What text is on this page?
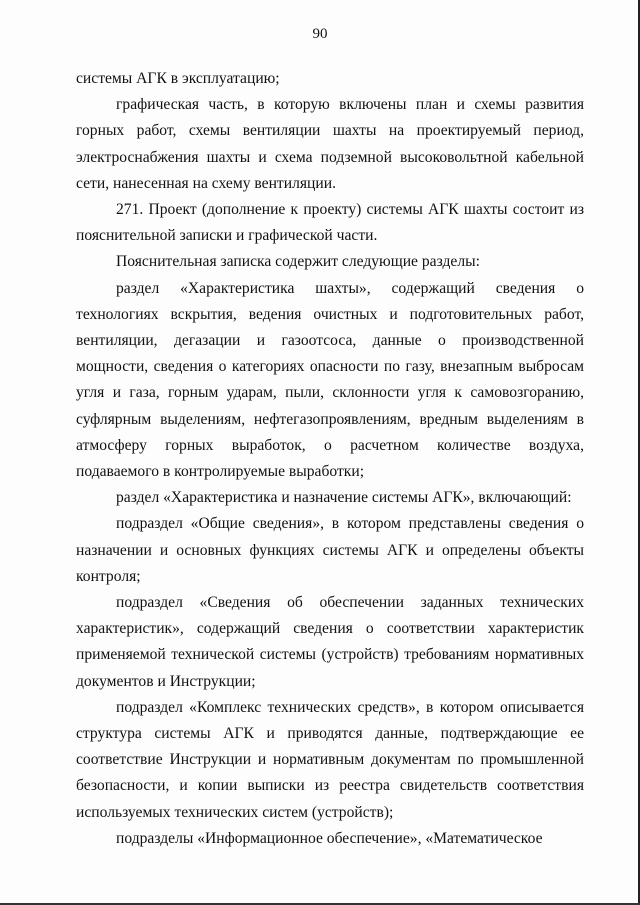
90

системы АГК в эксплуатацию;

графическая часть, в которую включены план и схемы развития горных работ, схемы вентиляции шахты на проектируемый период, электроснабжения шахты и схема подземной высоковольтной кабельной сети, нанесенная на схему вентиляции.

271. Проект (дополнение к проекту) системы АГК шахты состоит из пояснительной записки и графической части.

Пояснительная записка содержит следующие разделы:

раздел «Характеристика шахты», содержащий сведения о технологиях вскрытия, ведения очистных и подготовительных работ, вентиляции, дегазации и газоотсоса, данные о производственной мощности, сведения о категориях опасности по газу, внезапным выбросам угля и газа, горным ударам, пыли, склонности угля к самовозгоранию, суфлярным выделениям, нефтегазопроявлениям, вредным выделениям в атмосферу горных выработок, о расчетном количестве воздуха, подаваемого в контролируемые выработки;

раздел «Характеристика и назначение системы АГК», включающий:

подраздел «Общие сведения», в котором представлены сведения о назначении и основных функциях системы АГК и определены объекты контроля;

подраздел «Сведения об обеспечении заданных технических характеристик», содержащий сведения о соответствии характеристик применяемой технической системы (устройств) требованиям нормативных документов и Инструкции;

подраздел «Комплекс технических средств», в котором описывается структура системы АГК и приводятся данные, подтверждающие ее соответствие Инструкции и нормативным документам по промышленной безопасности, и копии выписки из реестра свидетельств соответствия используемых технических систем (устройств);

подразделы «Информационное обеспечение», «Математическое
